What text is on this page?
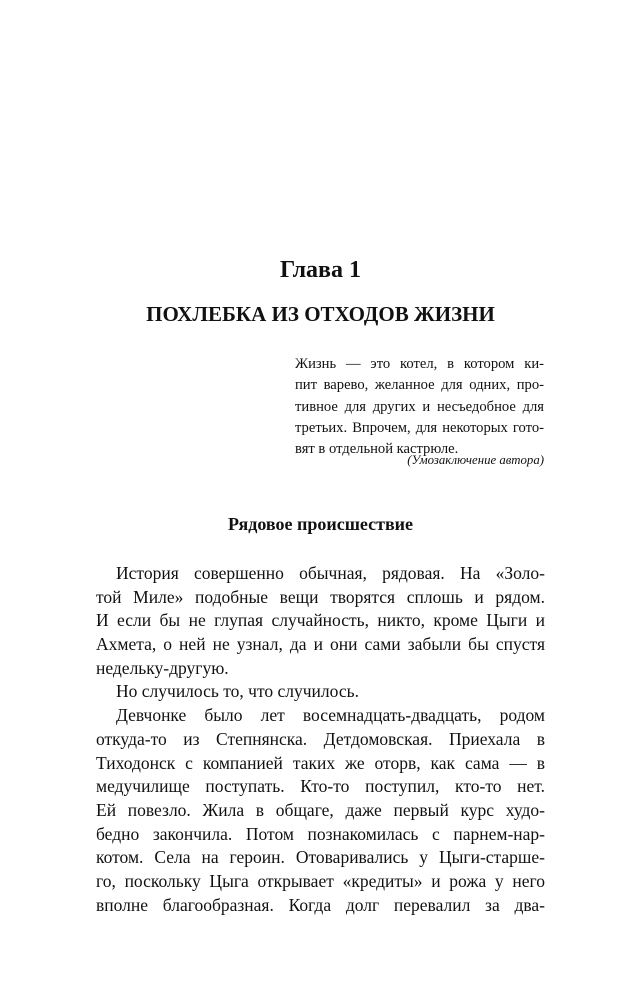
Глава 1
ПОХЛЕБКА ИЗ ОТХОДОВ ЖИЗНИ
Жизнь — это котел, в котором ки-
пит варево, желанное для одних, про-
тивное для других и несъедобное для
третьих. Впрочем, для некоторых гото-
вят в отдельной кастрюле.
(Умозаключение автора)
Рядовое происшествие
История совершенно обычная, рядовая. На «Золо-
той Миле» подобные вещи творятся сплошь и рядом.
И если бы не глупая случайность, никто, кроме Цыги и
Ахмета, о ней не узнал, да и они сами забыли бы спустя
недельку-другую.
Но случилось то, что случилось.
Девчонке было лет восемнадцать-двадцать, родом
откуда-то из Степнянска. Детдомовская. Приехала в
Тиходонск с компанией таких же оторв, как сама — в
медучилище поступать. Кто-то поступил, кто-то нет.
Ей повезло. Жила в общаге, даже первый курс худо-
бедно закончила. Потом познакомилась с парнем-нар-
котом. Села на героин. Отоваривались у Цыги-старше-
го, поскольку Цыга открывает «кредиты» и рожа у него
вполне благообразная. Когда долг перевалил за два-
